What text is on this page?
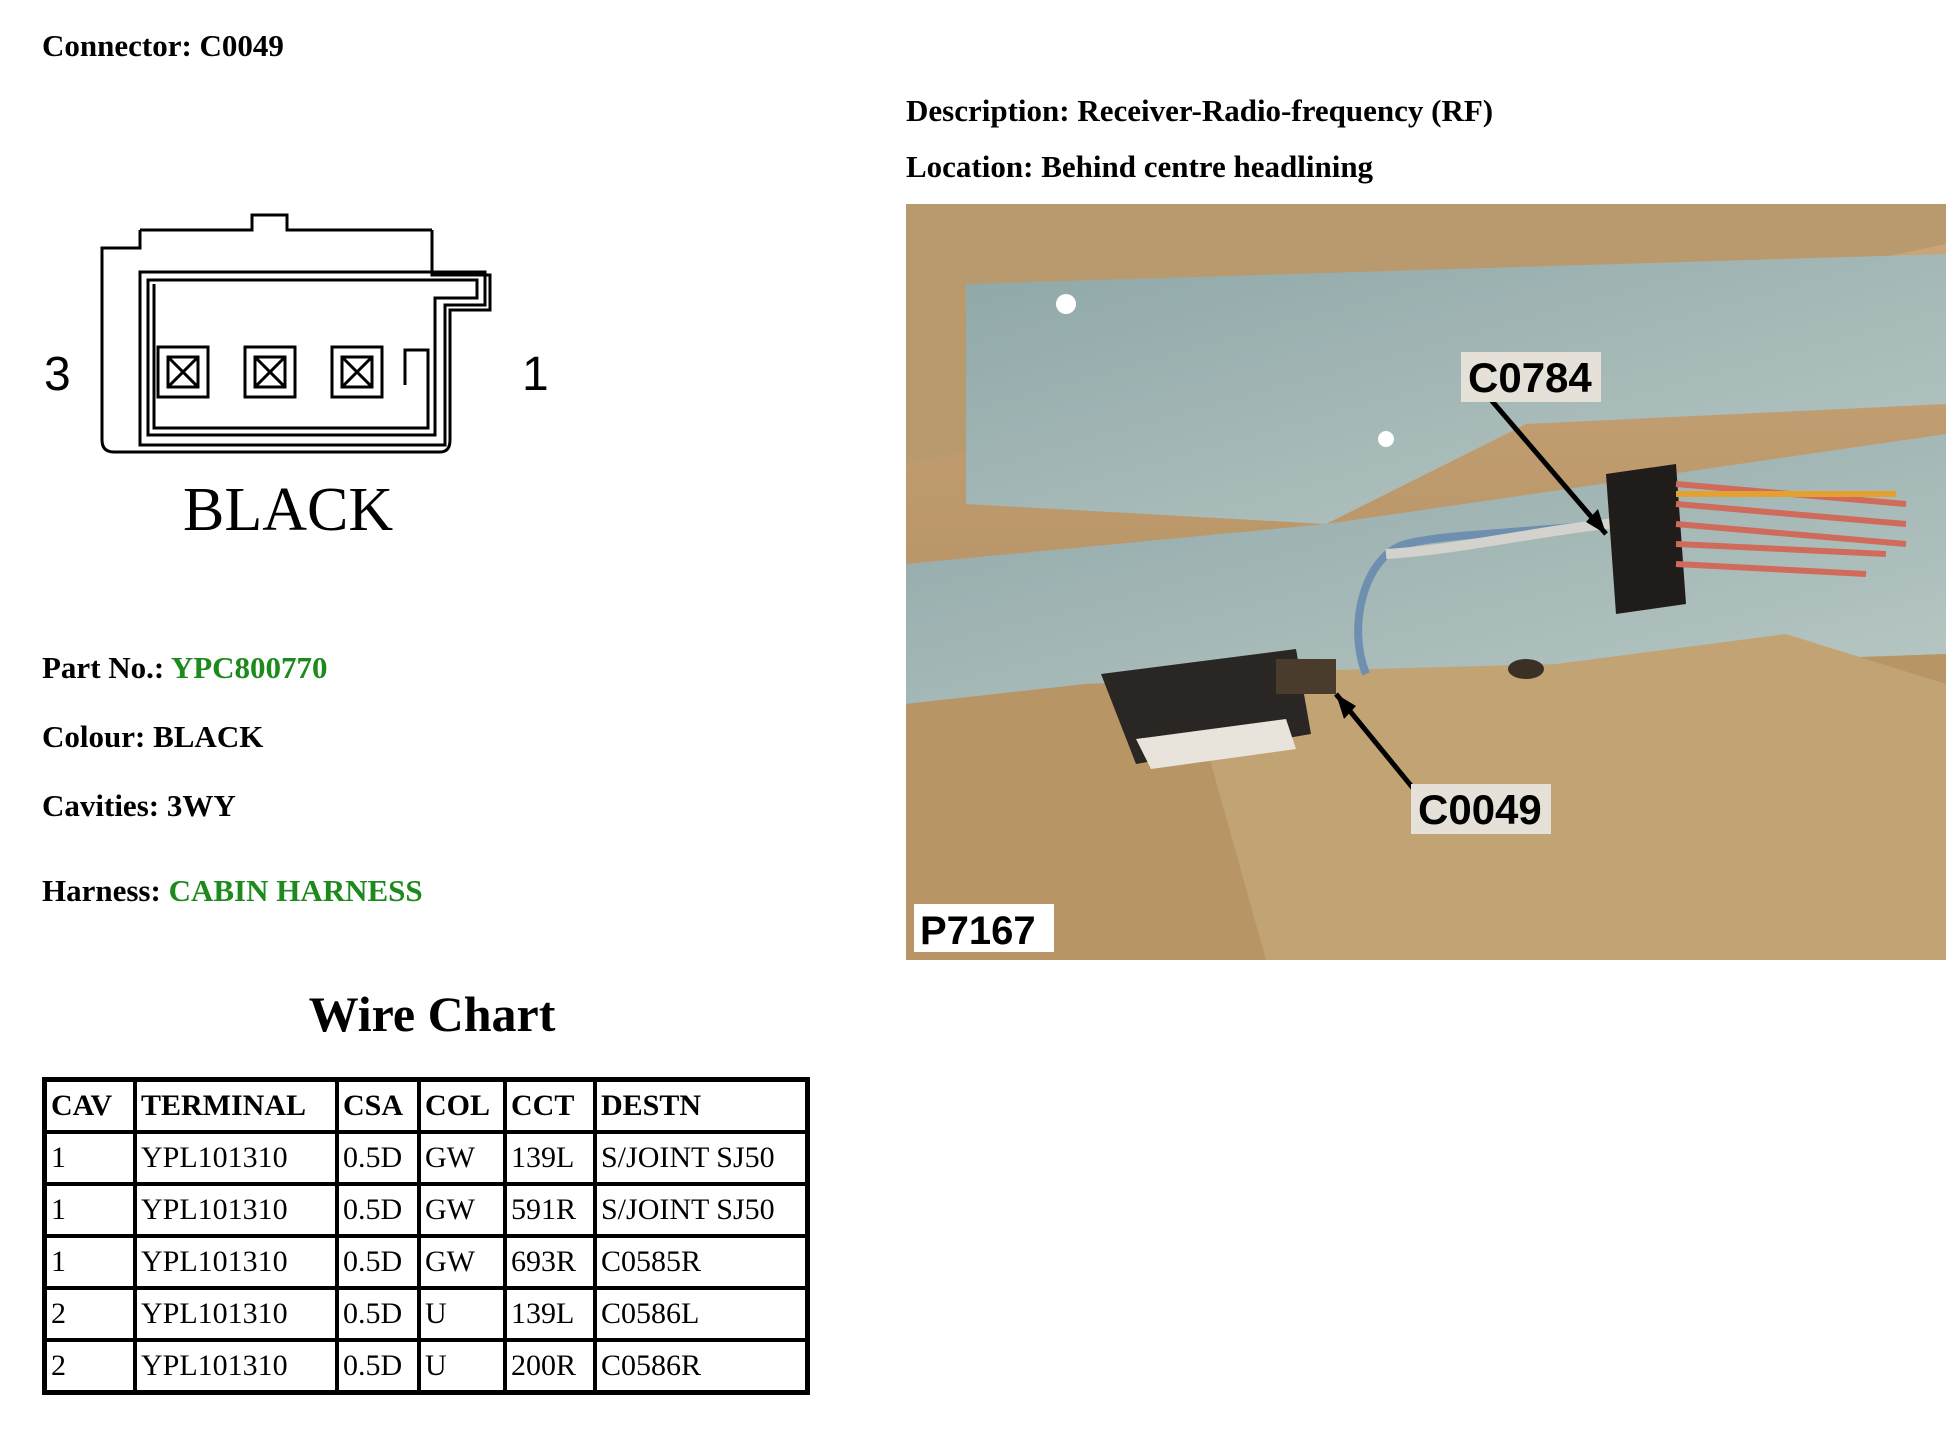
Connector: C0049
Description: Receiver-Radio-frequency (RF)
Location: Behind centre headlining
3	1
BLACK
C0784
C0049
P7167
Part No.: YPC800770
Colour: BLACK
Cavities: 3WY
Harness: CABIN HARNESS
Wire Chart
CAV	TERMINAL	CSA	COL	CCT	DESTN
1	YPL101310	0.5D	GW	139L	S/JOINT SJ50
1	YPL101310	0.5D	GW	591R	S/JOINT SJ50
1	YPL101310	0.5D	GW	693R	C0585R
2	YPL101310	0.5D	U	139L	C0586L
2	YPL101310	0.5D	U	200R	C0586R
